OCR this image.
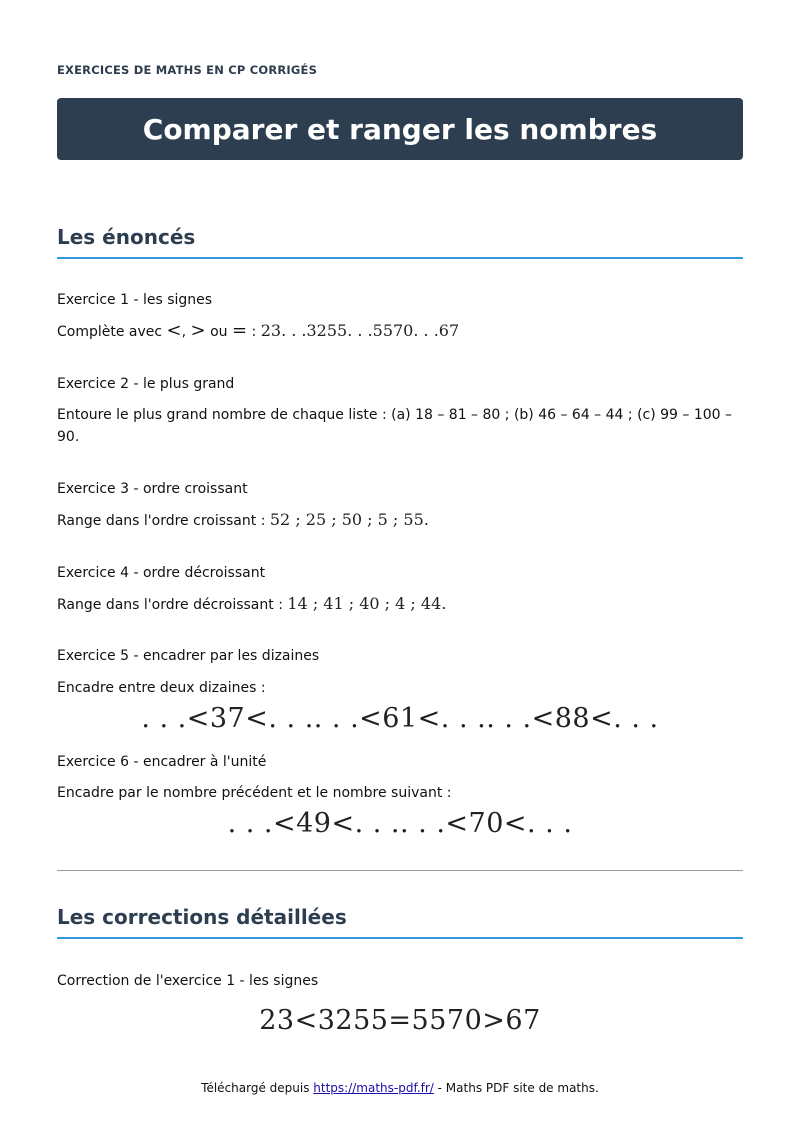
EXERCICES DE MATHS EN CP CORRIGÉS
Comparer et ranger les nombres
Les énoncés
Exercice 1 - les signes
Complète avec <, > ou = : 23. . .3255. . .5570. . .67
Exercice 2 - le plus grand
Entoure le plus grand nombre de chaque liste : (a) 18 – 81 – 80 ; (b) 46 – 64 – 44 ; (c) 99 – 100 – 90.
Exercice 3 - ordre croissant
Range dans l'ordre croissant : 52 ; 25 ; 50 ; 5 ; 55.
Exercice 4 - ordre décroissant
Range dans l'ordre décroissant : 14 ; 41 ; 40 ; 4 ; 44.
Exercice 5 - encadrer par les dizaines
Encadre entre deux dizaines :
. . .<37<. . .. . .<61<. . .. . .<88<. . .
Exercice 6 - encadrer à l'unité
Encadre par le nombre précédent et le nombre suivant :
. . .<49<. . .. . .<70<. . .
Les corrections détaillées
Correction de l'exercice 1 - les signes
23<3255=5570>67
Téléchargé depuis https://maths-pdf.fr/ - Maths PDF site de maths.
